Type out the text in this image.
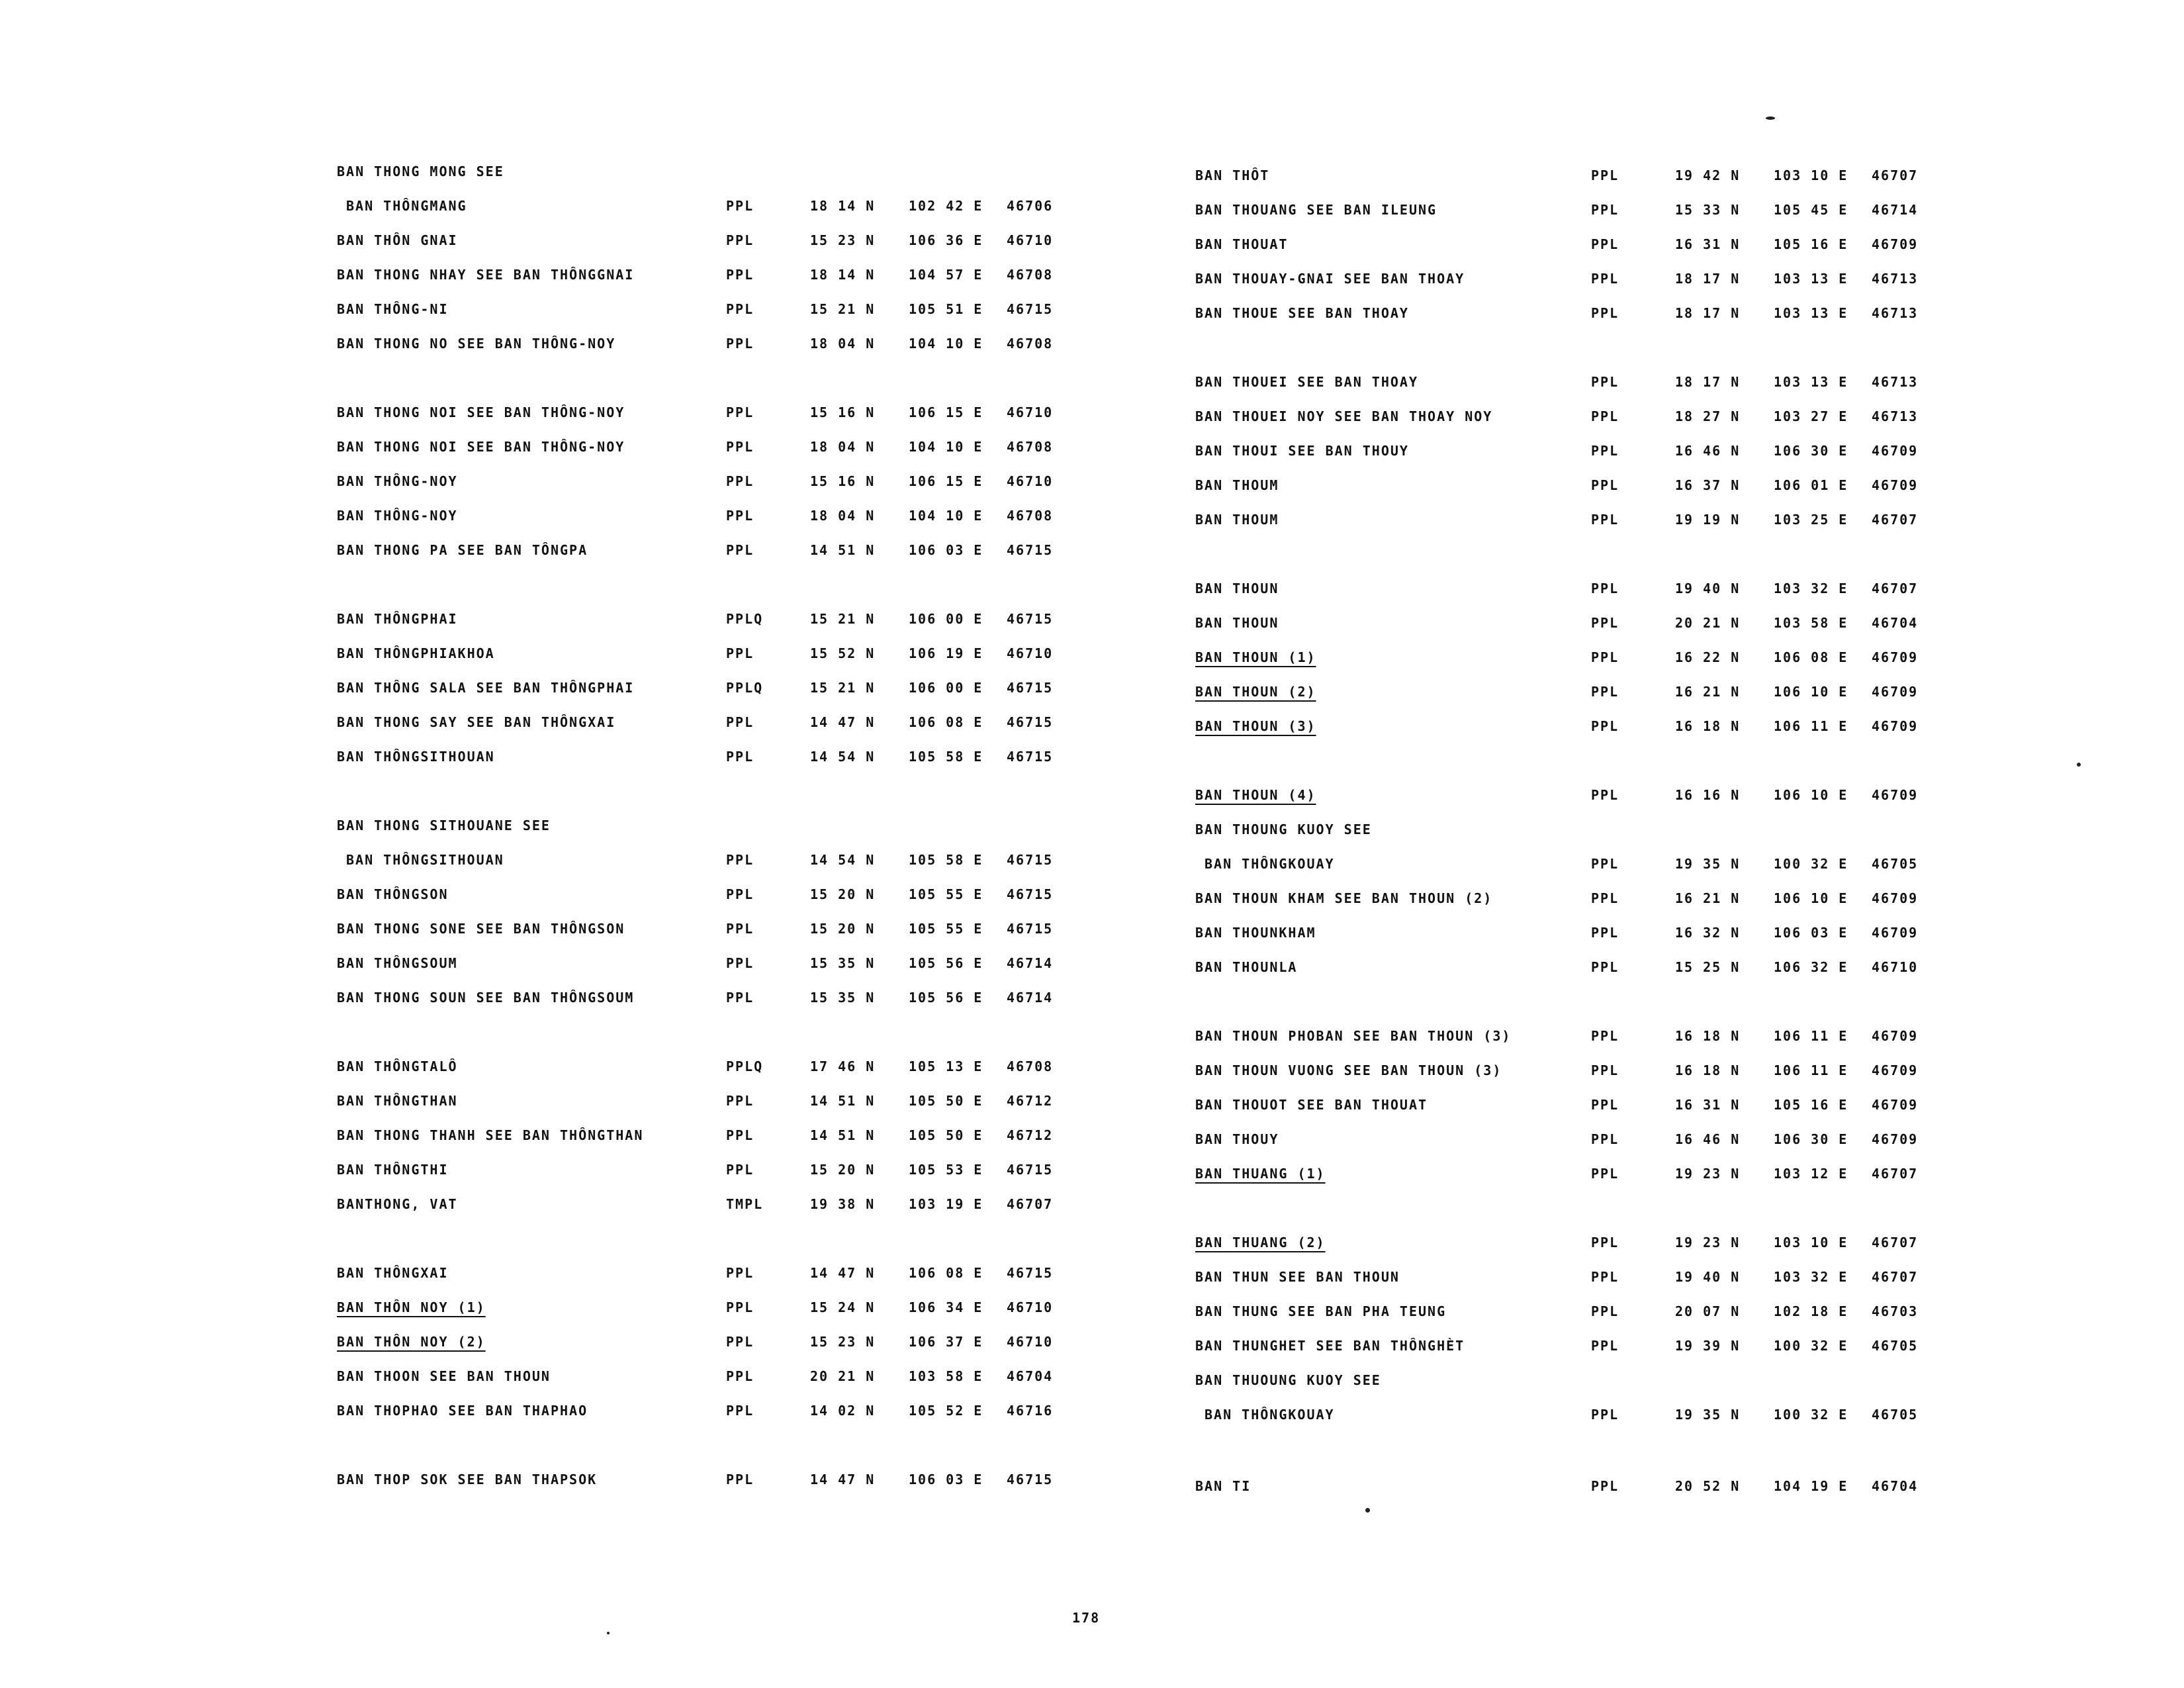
BAN THONG MONG SEE
BAN THÔNGMANG	PPL	18 14 N	102 42 E 46706
BAN THÔN GNAI	PPL	15 23 N	106 36 E 46710
BAN THONG NHAY SEE BAN THÔNGGNAI	PPL	18 14 N	104 57 E 46708
BAN THÔNG-NI	PPL	15 21 N	105 51 E 46715
BAN THONG NO SEE BAN THÔNG-NOY	PPL	18 04 N	104 10 E 46708
BAN THONG NOI SEE BAN THÔNG-NOY	PPL	15 16 N	106 15 E 46710
BAN THONG NOI SEE BAN THÔNG-NOY	PPL	18 04 N	104 10 E 46708
BAN THÔNG-NOY	PPL	15 16 N	106 15 E 46710
BAN THÔNG-NOY	PPL	18 04 N	104 10 E 46708
BAN THONG PA SEE BAN TÔNGPA	PPL	14 51 N	106 03 E 46715
BAN THÔNGPHAI	PPLQ	15 21 N	106 00 E 46715
BAN THÔNGPHIAKHOA	PPL	15 52 N	106 19 E 46710
BAN THÔNG SALA SEE BAN THÔNGPHAI	PPLQ	15 21 N	106 00 E 46715
BAN THONG SAY SEE BAN THÔNGXAI	PPL	14 47 N	106 08 E 46715
BAN THÔNGSITHOUAN	PPL	14 54 N	105 58 E 46715
BAN THONG SITHOUANE SEE
BAN THÔNGSITHOUAN	PPL	14 54 N	105 58 E 46715
BAN THÔNGSON	PPL	15 20 N	105 55 E 46715
BAN THONG SONE SEE BAN THÔNGSON	PPL	15 20 N	105 55 E 46715
BAN THÔNGSOUM	PPL	15 35 N	105 56 E 46714
BAN THONG SOUN SEE BAN THÔNGSOUM	PPL	15 35 N	105 56 E 46714
BAN THÔNGTALÔ	PPLQ	17 46 N	105 13 E 46708
BAN THÔNGTHAN	PPL	14 51 N	105 50 E 46712
BAN THONG THANH SEE BAN THÔNGTHAN	PPL	14 51 N	105 50 E 46712
BAN THÔNGTHI	PPL	15 20 N	105 53 E 46715
BANTHONG, VAT	TMPL	19 38 N	103 19 E 46707
BAN THÔNGXAI	PPL	14 47 N	106 08 E 46715
BAN THÔN NOY (1)	PPL	15 24 N	106 34 E 46710
BAN THÔN NOY (2)	PPL	15 23 N	106 37 E 46710
BAN THOON SEE BAN THOUN	PPL	20 21 N	103 58 E 46704
BAN THOPHAO SEE BAN THAPHAO	PPL	14 02 N	105 52 E 46716
BAN THOP SOK SEE BAN THAPSOK	PPL	14 47 N	106 03 E 46715
BAN THÔT	PPL	19 42 N	103 10 E 46707
BAN THOUANG SEE BAN ILEUNG	PPL	15 33 N	105 45 E 46714
BAN THOUAT	PPL	16 31 N	105 16 E 46709
BAN THOUAY-GNAI SEE BAN THOAY	PPL	18 17 N	103 13 E 46713
BAN THOUE SEE BAN THOAY	PPL	18 17 N	103 13 E 46713
BAN THOUEI SEE BAN THOAY	PPL	18 17 N	103 13 E 46713
BAN THOUEI NOY SEE BAN THOAY NOY	PPL	18 27 N	103 27 E 46713
BAN THOUI SEE BAN THOUY	PPL	16 46 N	106 30 E 46709
BAN THOUM	PPL	16 37 N	106 01 E 46709
BAN THOUM	PPL	19 19 N	103 25 E 46707
BAN THOUN	PPL	19 40 N	103 32 E 46707
BAN THOUN	PPL	20 21 N	103 58 E 46704
BAN THOUN (1)	PPL	16 22 N	106 08 E 46709
BAN THOUN (2)	PPL	16 21 N	106 10 E 46709
BAN THOUN (3)	PPL	16 18 N	106 11 E 46709
BAN THOUN (4)	PPL	16 16 N	106 10 E 46709
BAN THOUNG KUOY SEE
BAN THÔNGKOUAY	PPL	19 35 N	100 32 E 46705
BAN THOUN KHAM SEE BAN THOUN (2)	PPL	16 21 N	106 10 E 46709
BAN THOUNKHAM	PPL	16 32 N	106 03 E 46709
BAN THOUNLA	PPL	15 25 N	106 32 E 46710
BAN THOUN PHOBAN SEE BAN THOUN (3)	PPL	16 18 N	106 11 E 46709
BAN THOUN VUONG SEE BAN THOUN (3)	PPL	16 18 N	106 11 E 46709
BAN THOUOT SEE BAN THOUAT	PPL	16 31 N	105 16 E 46709
BAN THOUY	PPL	16 46 N	106 30 E 46709
BAN THUANG (1)	PPL	19 23 N	103 12 E 46707
BAN THUANG (2)	PPL	19 23 N	103 10 E 46707
BAN THUN SEE BAN THOUN	PPL	19 40 N	103 32 E 46707
BAN THUNG SEE BAN PHA TEUNG	PPL	20 07 N	102 18 E 46703
BAN THUNGHET SEE BAN THÔNGHÈT	PPL	19 39 N	100 32 E 46705
BAN THUOUNG KUOY SEE
BAN THÔNGKOUAY	PPL	19 35 N	100 32 E 46705
BAN TI	PPL	20 52 N	104 19 E 46704
178
